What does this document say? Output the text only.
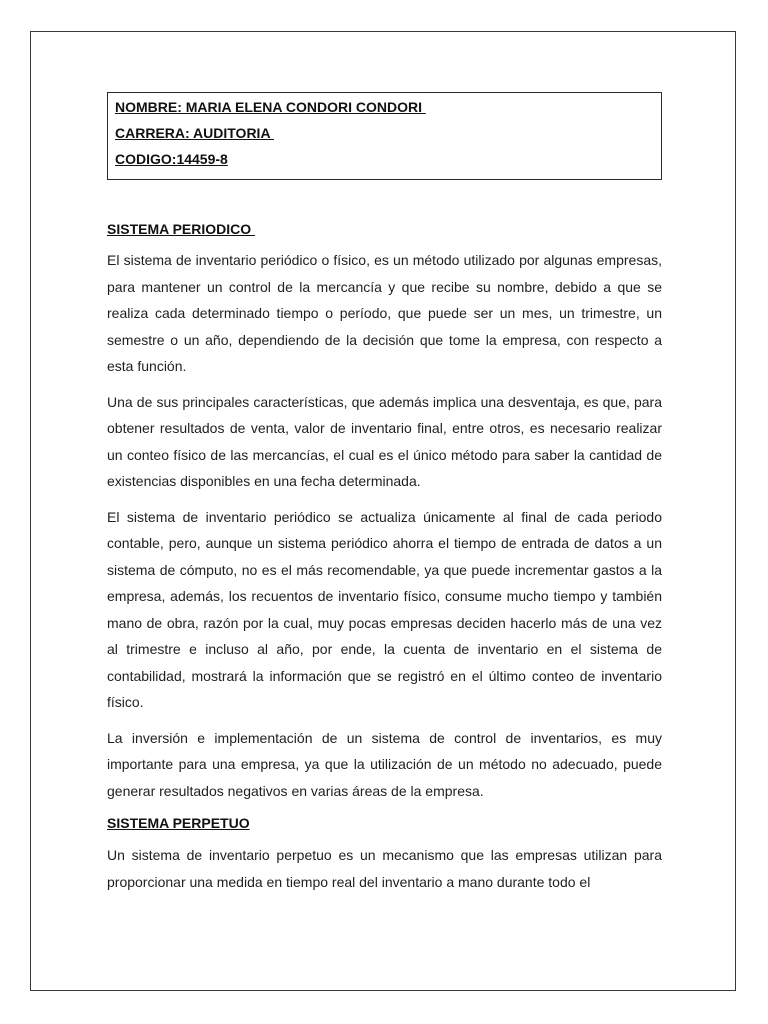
NOMBRE: MARIA ELENA CONDORI CONDORI
CARRERA: AUDITORIA
CODIGO:14459-8
SISTEMA PERIODICO

El sistema de inventario periódico o físico, es un método utilizado por algunas empresas, para mantener un control de la mercancía y que recibe su nombre, debido a que se realiza cada determinado tiempo o período, que puede ser un mes, un trimestre, un semestre o un año, dependiendo de la decisión que tome la empresa, con respecto a esta función.

Una de sus principales características, que además implica una desventaja, es que, para obtener resultados de venta, valor de inventario final, entre otros, es necesario realizar un conteo físico de las mercancías, el cual es el único método para saber la cantidad de existencias disponibles en una fecha determinada.

El sistema de inventario periódico se actualiza únicamente al final de cada periodo contable, pero, aunque un sistema periódico ahorra el tiempo de entrada de datos a un sistema de cómputo, no es el más recomendable, ya que puede incrementar gastos a la empresa, además, los recuentos de inventario físico, consume mucho tiempo y también mano de obra, razón por la cual, muy pocas empresas deciden hacerlo más de una vez al trimestre e incluso al año, por ende, la cuenta de inventario en el sistema de contabilidad, mostrará la información que se registró en el último conteo de inventario físico.

La inversión e implementación de un sistema de control de inventarios, es muy importante para una empresa, ya que la utilización de un método no adecuado, puede generar resultados negativos en varias áreas de la empresa.

SISTEMA PERPETUO

Un sistema de inventario perpetuo es un mecanismo que las empresas utilizan para proporcionar una medida en tiempo real del inventario a mano durante todo el
